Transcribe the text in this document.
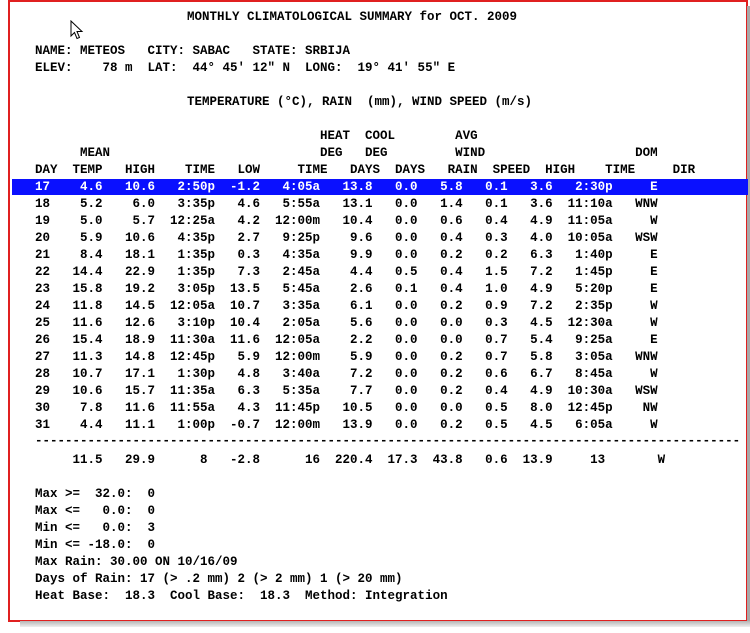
MONTHLY CLIMATOLOGICAL SUMMARY for OCT. 2009
NAME: METEOS   CITY: SABAC   STATE: SRBIJA
ELEV:    78 m  LAT:  44° 45' 12" N  LONG:  19° 41' 55" E
TEMPERATURE (°C), RAIN  (mm), WIND SPEED (m/s)
HEAT  COOL        AVG
MEAN                            DEG   DEG         WIND                    DOM
DAY  TEMP   HIGH    TIME   LOW     TIME   DAYS  DAYS   RAIN  SPEED  HIGH    TIME     DIR
17    4.6   10.6   2:50p  -1.2   4:05a   13.8   0.0   5.8   0.1   3.6   2:30p     E
18    5.2    6.0   3:35p   4.6   5:55a   13.1   0.0   1.4   0.1   3.6  11:10a   WNW
19    5.0    5.7  12:25a   4.2  12:00m   10.4   0.0   0.6   0.4   4.9  11:05a     W
20    5.9   10.6   4:35p   2.7   9:25p    9.6   0.0   0.4   0.3   4.0  10:05a   WSW
21    8.4   18.1   1:35p   0.3   4:35a    9.9   0.0   0.2   0.2   6.3   1:40p     E
22   14.4   22.9   1:35p   7.3   2:45a    4.4   0.5   0.4   1.5   7.2   1:45p     E
23   15.8   19.2   3:05p  13.5   5:45a    2.6   0.1   0.4   1.0   4.9   5:20p     E
24   11.8   14.5  12:05a  10.7   3:35a    6.1   0.0   0.2   0.9   7.2   2:35p     W
25   11.6   12.6   3:10p  10.4   2:05a    5.6   0.0   0.0   0.3   4.5  12:30a     W
26   15.4   18.9  11:30a  11.6  12:05a    2.2   0.0   0.0   0.7   5.4   9:25a     E
27   11.3   14.8  12:45p   5.9  12:00m    5.9   0.0   0.2   0.7   5.8   3:05a   WNW
28   10.7   17.1   1:30p   4.8   3:40a    7.2   0.0   0.2   0.6   6.7   8:45a     W
29   10.6   15.7  11:35a   6.3   5:35a    7.7   0.0   0.2   0.4   4.9  10:30a   WSW
30    7.8   11.6  11:55a   4.3  11:45p   10.5   0.0   0.0   0.5   8.0  12:45p    NW
31    4.4   11.1   1:00p  -0.7  12:00m   13.9   0.0   0.2   0.5   4.5   6:05a     W
----------------------------------------------------------------------------------------------
11.5   29.9      8   -2.8      16  220.4  17.3  43.8   0.6  13.9     13       W
Max >=  32.0:  0
Max <=   0.0:  0
Min <=   0.0:  3
Min <= -18.0:  0
Max Rain: 30.00 ON 10/16/09
Days of Rain: 17 (> .2 mm) 2 (> 2 mm) 1 (> 20 mm)
Heat Base:  18.3  Cool Base:  18.3  Method: Integration
